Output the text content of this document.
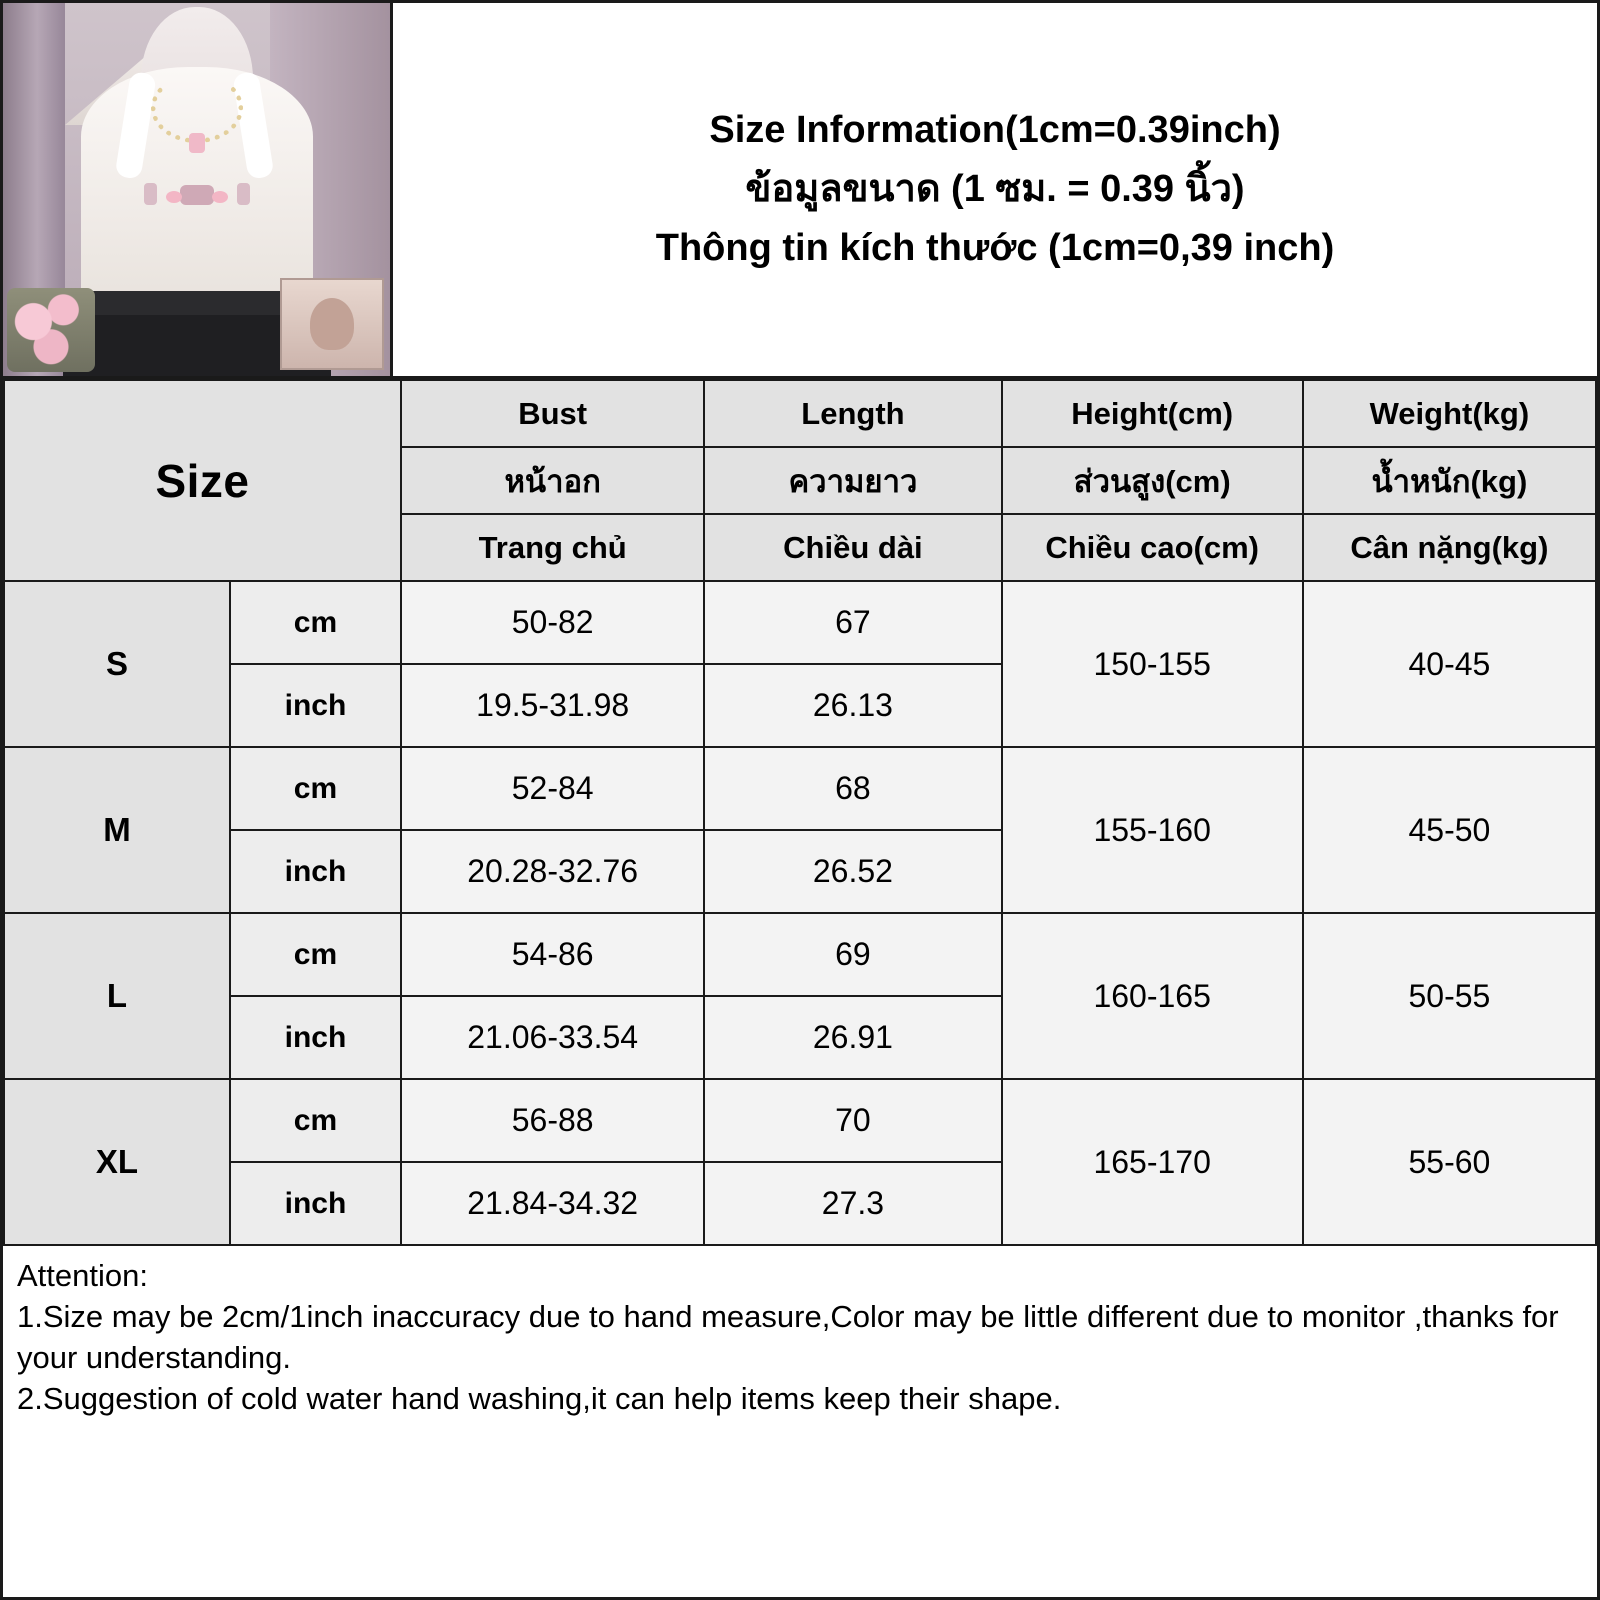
Size Information(1cm=0.39inch)
ข้อมูลขนาด (1 ซม. = 0.39 นิ้ว)
Thông tin kích thước (1cm=0,39 inch)
Size		Bust	Length	Height(cm)	Weight(kg)
		หน้าอก	ความยาว	ส่วนสูง(cm)	น้ำหนัก(kg)
		Trang chủ	Chiều dài	Chiều cao(cm)	Cân nặng(kg)
S	cm	50-82	67	150-155	40-45
	inch	19.5-31.98	26.13		
M	cm	52-84	68	155-160	45-50
	inch	20.28-32.76	26.52		
L	cm	54-86	69	160-165	50-55
	inch	21.06-33.54	26.91		
XL	cm	56-88	70	165-170	55-60
	inch	21.84-34.32	27.3		
Attention:
1.Size may be 2cm/1inch inaccuracy due to hand measure,Color may be little different due to monitor ,thanks for your understanding.
2.Suggestion of cold water hand washing,it can help items keep their shape.
